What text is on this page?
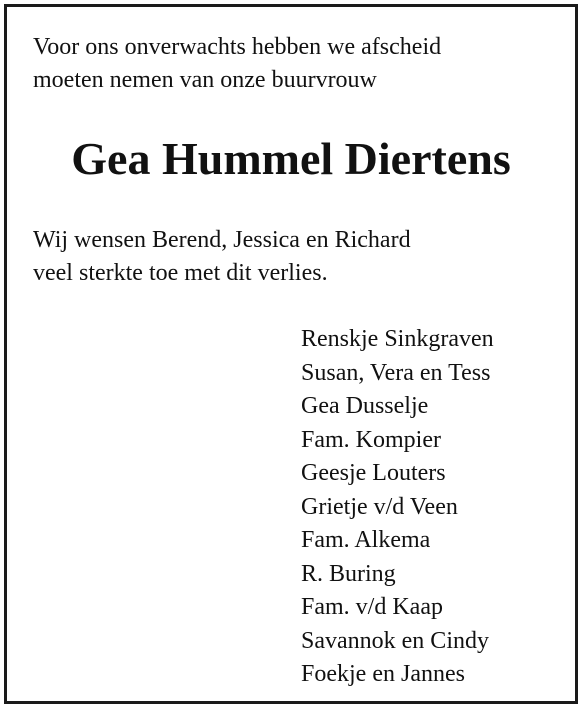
Voor ons onverwachts hebben we afscheid
moeten nemen van onze buurvrouw

Gea Hummel Diertens

Wij wensen Berend, Jessica en Richard
veel sterkte toe met dit verlies.

Renskje Sinkgraven
Susan, Vera en Tess
Gea Dusselje
Fam. Kompier
Geesje Louters
Grietje v/d Veen
Fam. Alkema
R. Buring
Fam. v/d Kaap
Savannok en Cindy
Foekje en Jannes
